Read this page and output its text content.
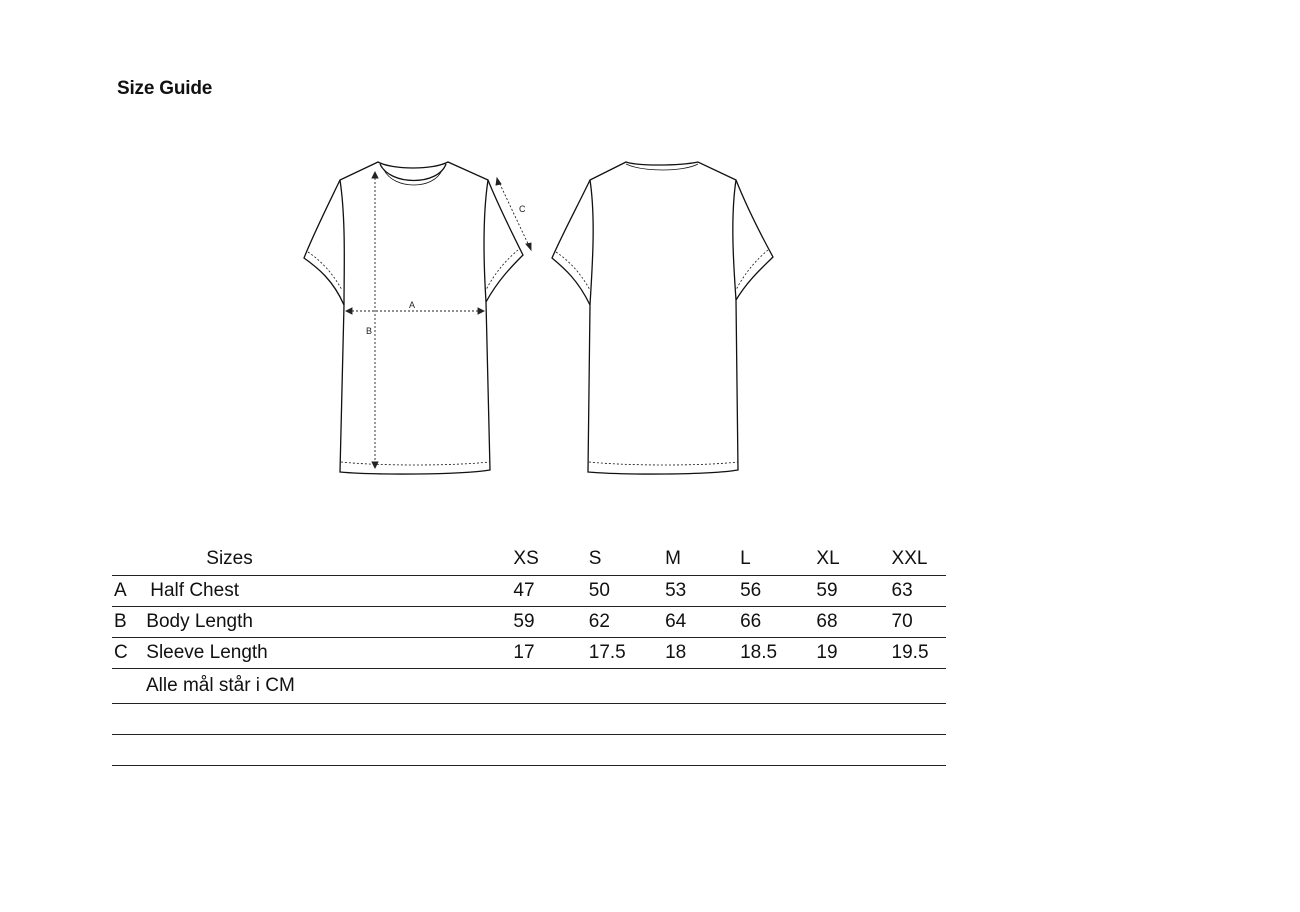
Size Guide
A
B
C
	Sizes		XS	S	M	L	XL	XXL
A	Half Chest		47	50	53	56	59	63
B	Body Length		59	62	64	66	68	70
C	Sleeve Length		17	17.5	18	18.5	19	19.5
Alle mål står i CM								
